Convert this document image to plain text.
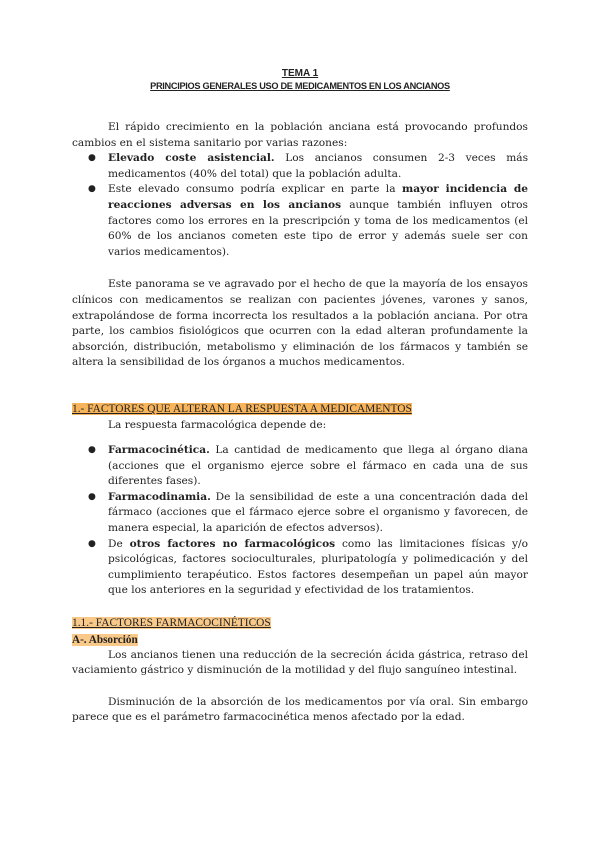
TEMA 1
PRINCIPIOS GENERALES USO DE MEDICAMENTOS EN LOS ANCIANOS

El rápido crecimiento en la población anciana está provocando profundos cambios en el sistema sanitario por varias razones:

● Elevado coste asistencial. Los ancianos consumen 2-3 veces más medicamentos (40% del total) que la población adulta.
● Este elevado consumo podría explicar en parte la mayor incidencia de reacciones adversas en los ancianos aunque también influyen otros factores como los errores en la prescripción y toma de los medicamentos (el 60% de los ancianos cometen este tipo de error y además suele ser con varios medicamentos).

Este panorama se ve agravado por el hecho de que la mayoría de los ensayos clínicos con medicamentos se realizan con pacientes jóvenes, varones y sanos, extrapolándose de forma incorrecta los resultados a la población anciana. Por otra parte, los cambios fisiológicos que ocurren con la edad alteran profundamente la absorción, distribución, metabolismo y eliminación de los fármacos y también se altera la sensibilidad de los órganos a muchos medicamentos.

1.- FACTORES QUE ALTERAN LA RESPUESTA A MEDICAMENTOS

La respuesta farmacológica depende de:

● Farmacocinética. La cantidad de medicamento que llega al órgano diana (acciones que el organismo ejerce sobre el fármaco en cada una de sus diferentes fases).
● Farmacodinamia. De la sensibilidad de este a una concentración dada del fármaco (acciones que el fármaco ejerce sobre el organismo y favorecen, de manera especial, la aparición de efectos adversos).
● De otros factores no farmacológicos como las limitaciones físicas y/o psicológicas, factores socioculturales, pluripatología y polimedicación y del cumplimiento terapéutico. Estos factores desempeñan un papel aún mayor que los anteriores en la seguridad y efectividad de los tratamientos.
1.1.- FACTORES FARMACOCINÉTICOS
A-. Absorción

Los ancianos tienen una reducción de la secreción ácida gástrica, retraso del vaciamiento gástrico y disminución de la motilidad y del flujo sanguíneo intestinal.

Disminución de la absorción de los medicamentos por vía oral. Sin embargo parece que es el parámetro farmacocinética menos afectado por la edad.
